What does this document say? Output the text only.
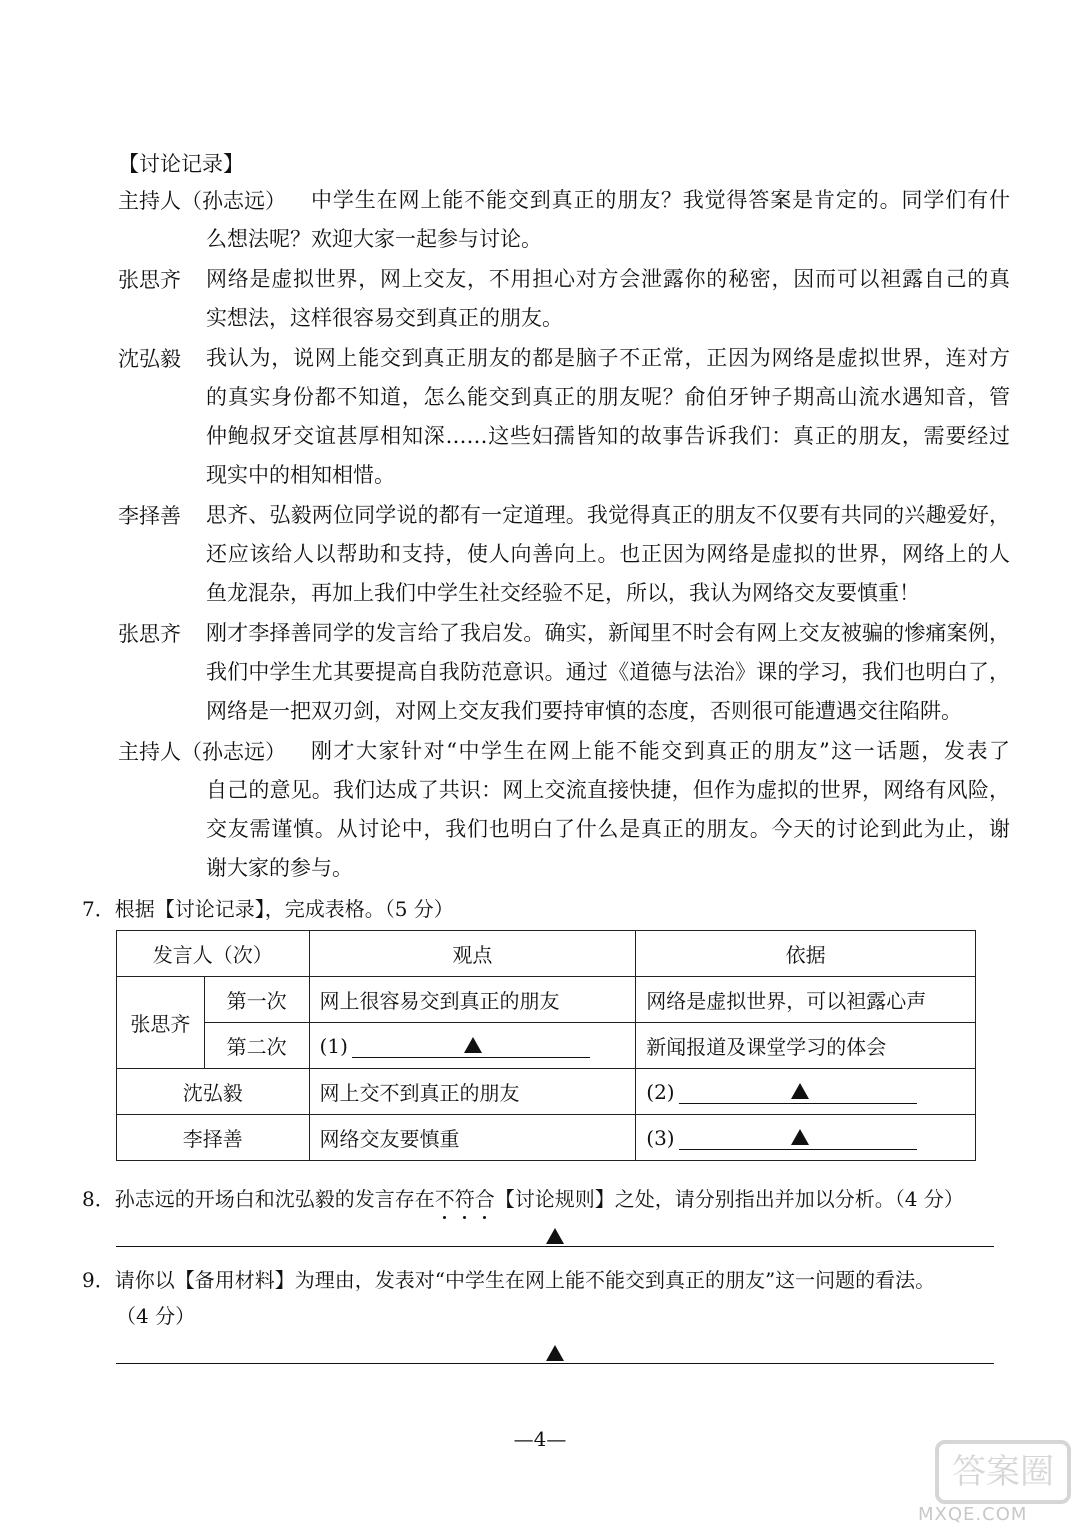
【讨论记录】
主持人（孙志远） 中学生在网上能不能交到真正的朋友？我觉得答案是肯定的。同学们有什
么想法呢？欢迎大家一起参与讨论。
张思齐 网络是虚拟世界，网上交友，不用担心对方会泄露你的秘密，因而可以袒露自己的真
实想法，这样很容易交到真正的朋友。
沈弘毅 我认为，说网上能交到真正朋友的都是脑子不正常，正因为网络是虚拟世界，连对方
的真实身份都不知道，怎么能交到真正的朋友呢？俞伯牙钟子期高山流水遇知音，管
仲鲍叔牙交谊甚厚相知深……这些妇孺皆知的故事告诉我们：真正的朋友，需要经过
现实中的相知相惜。
李择善 思齐、弘毅两位同学说的都有一定道理。我觉得真正的朋友不仅要有共同的兴趣爱好，
还应该给人以帮助和支持，使人向善向上。也正因为网络是虚拟的世界，网络上的人
鱼龙混杂，再加上我们中学生社交经验不足，所以，我认为网络交友要慎重！
张思齐 刚才李择善同学的发言给了我启发。确实，新闻里不时会有网上交友被骗的惨痛案例，
我们中学生尤其要提高自我防范意识。通过《道德与法治》课的学习，我们也明白了，
网络是一把双刃剑，对网上交友我们要持审慎的态度，否则很可能遭遇交往陷阱。
主持人（孙志远） 刚才大家针对“中学生在网上能不能交到真正的朋友”这一话题，发表了
自己的意见。我们达成了共识：网上交流直接快捷，但作为虚拟的世界，网络有风险，
交友需谨慎。从讨论中，我们也明白了什么是真正的朋友。今天的讨论到此为止，谢
谢大家的参与。
7．根据【讨论记录】，完成表格。（5 分）
发言人（次）		观点	依据
张思齐	第一次	网上很容易交到真正的朋友	网络是虚拟世界，可以袒露心声
	第二次	(1)	新闻报道及课堂学习的体会
沈弘毅		网上交不到真正的朋友	(2)

李择善		网络交友要慎重	(3)
8．孙志远的开场白和沈弘毅的发言存在不符合【讨论规则】之处，请分别指出并加以分析。（4 分）
9．请你以【备用材料】为理由，发表对“中学生在网上能不能交到真正的朋友”这一问题的看法。
（4 分）
—4—
答案圈
MXQE.COM
